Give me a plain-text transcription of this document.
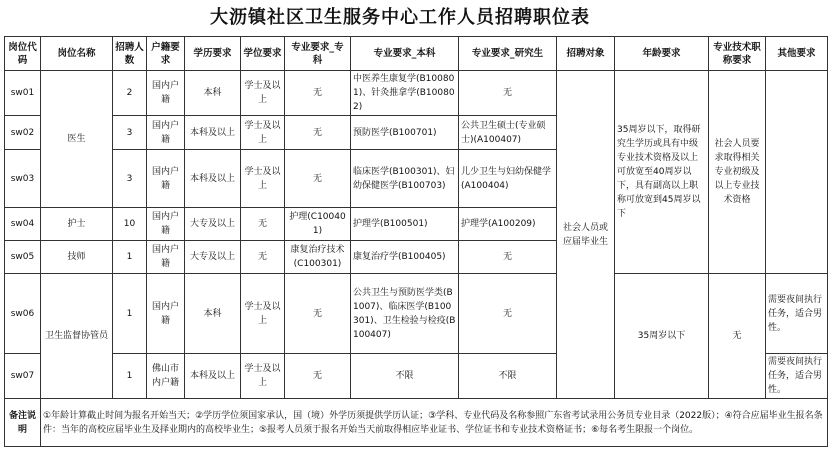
大沥镇社区卫生服务中心工作人员招聘职位表
岗位代码	岗位名称	招聘人数	户籍要求	学历要求	学位要求	专业要求_专科	专业要求_本科	专业要求_研究生	招聘对象	年龄要求	专业技术职称要求	其他要求
sw01	医生	2	国内户籍	本科	学士及以上	无	中医养生康复学(B100801)、针灸推拿学(B100802)	无	社会人员或应届毕业生	35周岁以下，取得研究生学历或具有中级专业技术资格及以上可放宽至40周岁以下，具有副高以上职称可放宽到45周岁以下	社会人员要求取得相关专业初级及以上专业技术资格	
sw02		3	国内户籍	本科及以上	学士及以上	无	预防医学(B100701)	公共卫生硕士(专业硕士)(A100407)				
sw03		3	国内户籍	本科及以上	学士及以上	无	临床医学(B100301)、妇幼保健医学(B100703)	儿少卫生与妇幼保健学(A100404)				
sw04	护士	10	国内户籍	大专及以上	无	护理(C100401)	护理学(B100501)	护理学(A100209)				
sw05	技师	1	国内户籍	大专及以上	无	康复治疗技术(C100301)	康复治疗学(B100405)	无				
sw06	卫生监督协管员	1	国内户籍	本科	学士及以上	无	公共卫生与预防医学类(B1007)、临床医学(B100301)、卫生检验与检疫(B100407)	无		35周岁以下	无	需要夜间执行任务，适合男性。
sw07		1	佛山市内户籍	本科及以上	学士及以上	无	不限	不限				需要夜间执行任务，适合男性。
备注说明	①年龄计算截止时间为报名开始当天；②学历学位须国家承认，国（境）外学历须提供学历认证；③学科、专业代码及名称参照广东省考试录用公务员专业目录（2022版）；④符合应届毕业生报名条件：当年的高校应届毕业生及择业期内的高校毕业生；⑤报考人员须于报名开始当天前取得相应毕业证书、学位证书和专业技术资格证书；⑥每名考生限报一个岗位。											
